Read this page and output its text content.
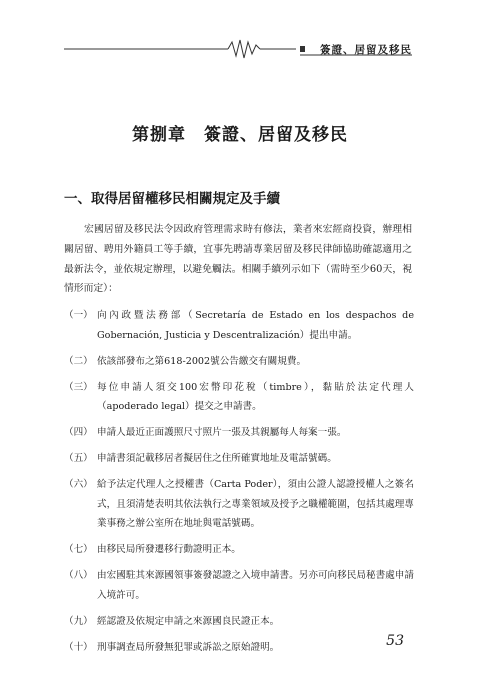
簽證、居留及移民
第捌章　簽證、居留及移民
一、取得居留權移民相關規定及手續

宏國居留及移民法令因政府管理需求時有修法，業者來宏經商投資，辦理相關居留、聘用外籍員工等手續，宜事先聘請專業居留及移民律師協助確認適用之最新法令，並依規定辦理，以避免觸法。相關手續列示如下（需時至少60天，視情形而定）：

（一） 向內政暨法務部（Secretaría de Estado en los despachos de Gobernación, Justicia y Descentralización）提出申請。
（二） 依該部發布之第618-2002號公告繳交有關規費。
（三） 每位申請人須交100宏幣印花稅（timbre），黏貼於法定代理人（apoderado legal）提交之申請書。
（四） 申請人最近正面護照尺寸照片一張及其親屬每人每案一張。
（五） 申請書須記載移居者擬居住之住所確實地址及電話號碼。
（六） 給予法定代理人之授權書（Carta Poder），須由公證人認證授權人之簽名式，且須清楚表明其依法執行之專業領域及授予之職權範圍，包括其處理專業事務之辦公室所在地址與電話號碼。
（七） 由移民局所發遷移行動證明正本。
（八） 由宏國駐其來源國領事簽發認證之入境申請書。另亦可向移民局秘書處申請入境許可。
（九） 經認證及依規定申請之來源國良民證正本。
（十） 刑事調查局所發無犯罪或訴訟之原始證明。	53
